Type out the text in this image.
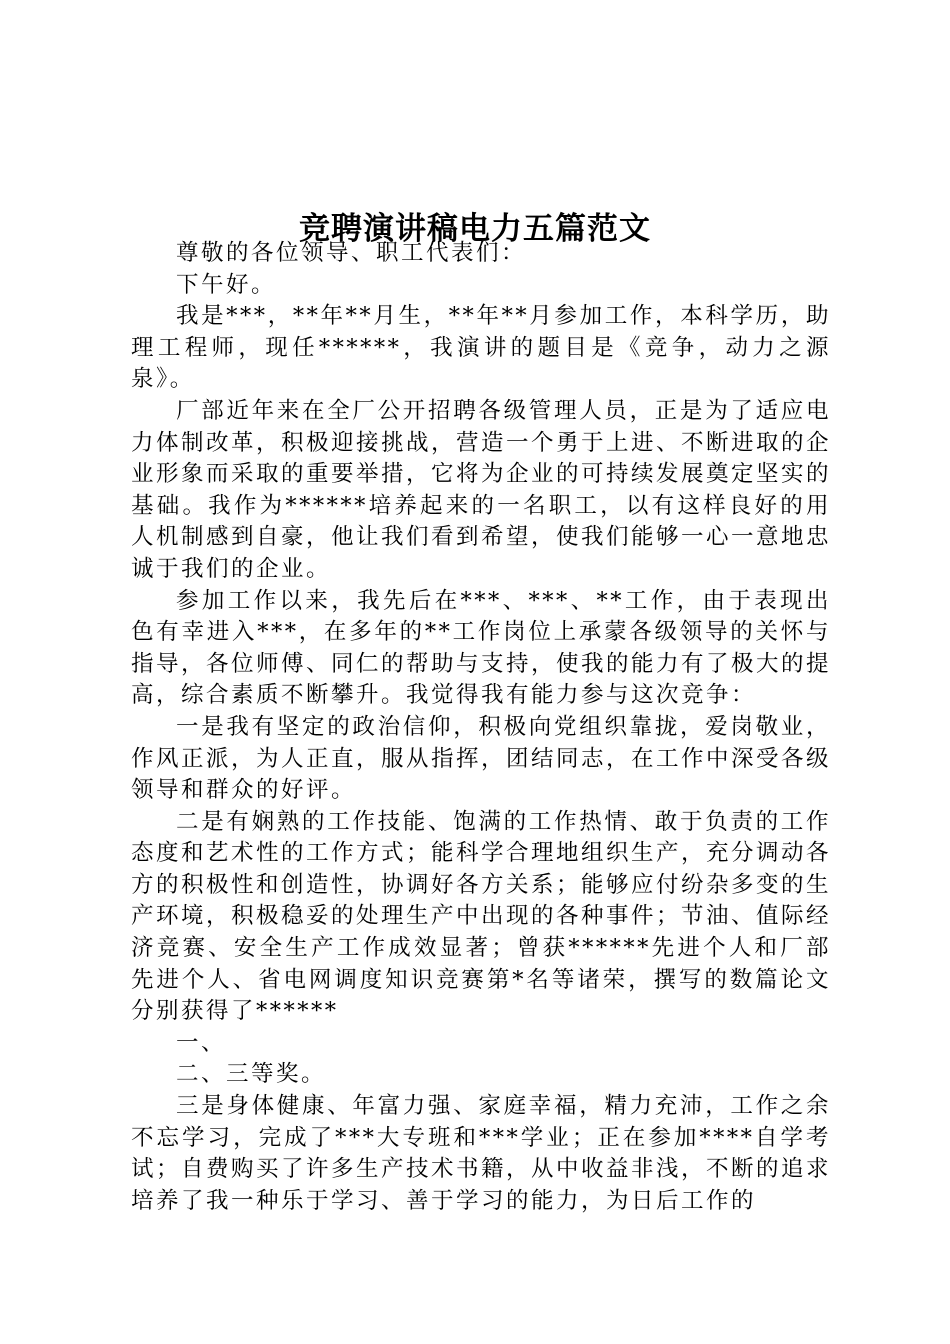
竞聘演讲稿电力五篇范文

尊敬的各位领导、职工代表们：

下午好。

我是***，**年**月生，**年**月参加工作，本科学历，助理工程师，现任******，我演讲的题目是《竞争，动力之源泉》。

厂部近年来在全厂公开招聘各级管理人员，正是为了适应电力体制改革，积极迎接挑战，营造一个勇于上进、不断进取的企业形象而采取的重要举措，它将为企业的可持续发展奠定坚实的基础。我作为******培养起来的一名职工，以有这样良好的用人机制感到自豪，他让我们看到希望，使我们能够一心一意地忠诚于我们的企业。

参加工作以来，我先后在***、***、**工作，由于表现出色有幸进入***，在多年的**工作岗位上承蒙各级领导的关怀与指导，各位师傅、同仁的帮助与支持，使我的能力有了极大的提高，综合素质不断攀升。我觉得我有能力参与这次竞争：

一是我有坚定的政治信仰，积极向党组织靠拢，爱岗敬业，作风正派，为人正直，服从指挥，团结同志，在工作中深受各级领导和群众的好评。

二是有娴熟的工作技能、饱满的工作热情、敢于负责的工作态度和艺术性的工作方式；能科学合理地组织生产，充分调动各方的积极性和创造性，协调好各方关系；能够应付纷杂多变的生产环境，积极稳妥的处理生产中出现的各种事件；节油、值际经济竞赛、安全生产工作成效显著；曾获******先进个人和厂部先进个人、省电网调度知识竞赛第*名等诸荣，撰写的数篇论文分别获得了******

一、

二、三等奖。

三是身体健康、年富力强、家庭幸福，精力充沛，工作之余不忘学习，完成了***大专班和***学业；正在参加****自学考试；自费购买了许多生产技术书籍，从中收益非浅，不断的追求培养了我一种乐于学习、善于学习的能力，为日后工作的
